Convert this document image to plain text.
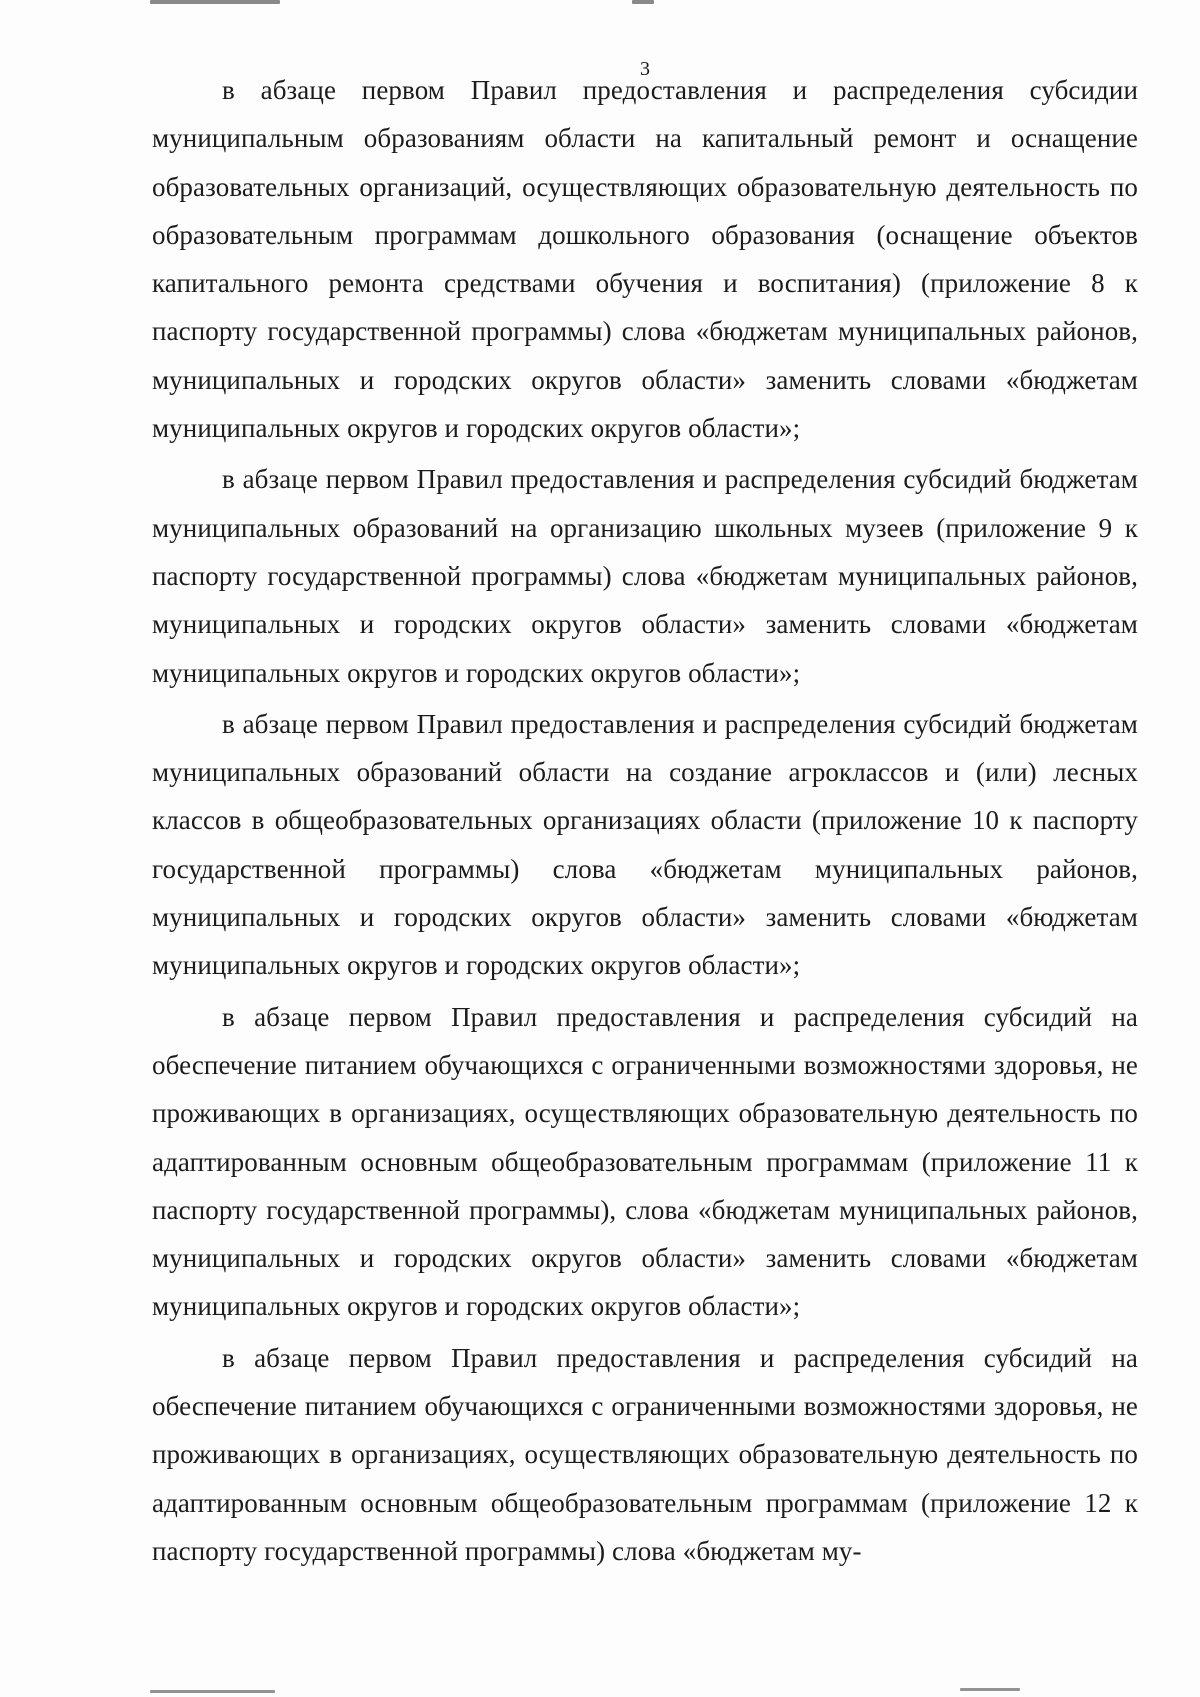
3

в абзаце первом Правил предоставления и распределения субсидии муниципальным образованиям области на капитальный ремонт и оснащение образовательных организаций, осуществляющих образовательную деятельность по образовательным программам дошкольного образования (оснащение объектов капитального ремонта средствами обучения и воспитания) (приложение 8 к паспорту государственной программы) слова «бюджетам муниципальных районов, муниципальных и городских округов области» заменить словами «бюджетам муниципальных округов и городских округов области»;

в абзаце первом Правил предоставления и распределения субсидий бюджетам муниципальных образований на организацию школьных музеев (приложение 9 к паспорту государственной программы) слова «бюджетам муниципальных районов, муниципальных и городских округов области» заменить словами «бюджетам муниципальных округов и городских округов области»;

в абзаце первом Правил предоставления и распределения субсидий бюджетам муниципальных образований области на создание агроклассов и (или) лесных классов в общеобразовательных организациях области (приложение 10 к паспорту государственной программы) слова «бюджетам муниципальных районов, муниципальных и городских округов области» заменить словами «бюджетам муниципальных округов и городских округов области»;

в абзаце первом Правил предоставления и распределения субсидий на обеспечение питанием обучающихся с ограниченными возможностями здоровья, не проживающих в организациях, осуществляющих образовательную деятельность по адаптированным основным общеобразовательным программам (приложение 11 к паспорту государственной программы), слова «бюджетам муниципальных районов, муниципальных и городских округов области» заменить словами «бюджетам муниципальных округов и городских округов области»;

в абзаце первом Правил предоставления и распределения субсидий на обеспечение питанием обучающихся с ограниченными возможностями здоровья, не проживающих в организациях, осуществляющих образовательную деятельность по адаптированным основным общеобразовательным программам (приложение 12 к паспорту государственной программы) слова «бюджетам му-
